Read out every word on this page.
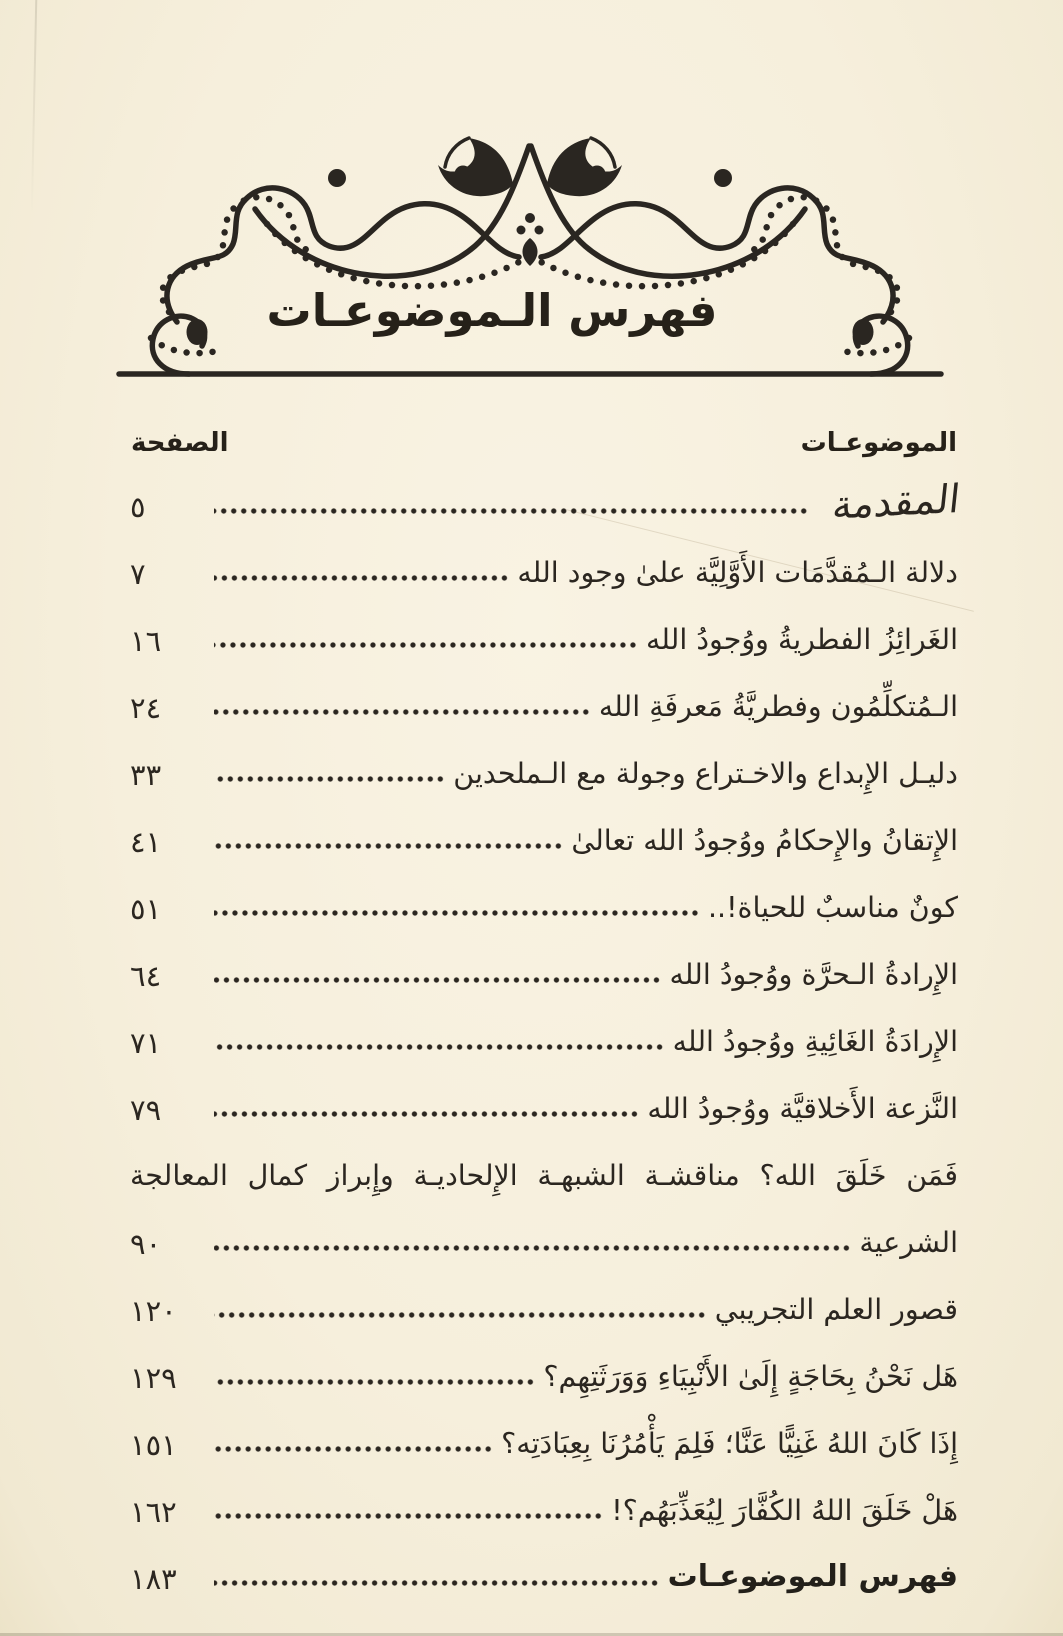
فهرس الـموضوعـات
الموضوعـات
الصفحة
المقدمة
٥
دلالة الـمُقدَّمَات الأَوَّلِيَّة علىٰ وجود الله
٧
الغَرائِزُ الفطريةُ ووُجودُ الله
١٦
الـمُتكلِّمُون وفطريَّةُ مَعرفَةِ الله
٢٤
دليـل الإِبداع والاخـتراع وجولة مع الـملحدين
٣٣
الإِتقانُ والإِحكامُ ووُجودُ الله تعالىٰ
٤١
كونٌ مناسبٌ للحياة!..
٥١
الإِرادةُ الـحرَّة ووُجودُ الله
٦٤
الإِرادَةُ الغَائِيةِ ووُجودُ الله
٧١
النَّزعة الأَخلاقيَّة ووُجودُ الله
٧٩
فَمَن خَلَقَ الله؟ مناقشـة الشبهـة الإِلحاديـة وإِبراز كمال المعالجة
الشرعية
٩٠
قصور العلم التجريبي
١٢٠
هَل نَحْنُ بِحَاجَةٍ إِلَىٰ الأَنْبِيَاءِ وَوَرَثَتِهِم؟
١٢٩
إِذَا كَانَ اللهُ غَنِيًّا عَنَّا؛ فَلِمَ يَأْمُرُنَا بِعِبَادَتِه؟
١٥١
هَلْ خَلَقَ اللهُ الكُفَّارَ لِيُعَذِّبَهُم؟!
١٦٢
فهرس الموضوعـات
١٨٣
